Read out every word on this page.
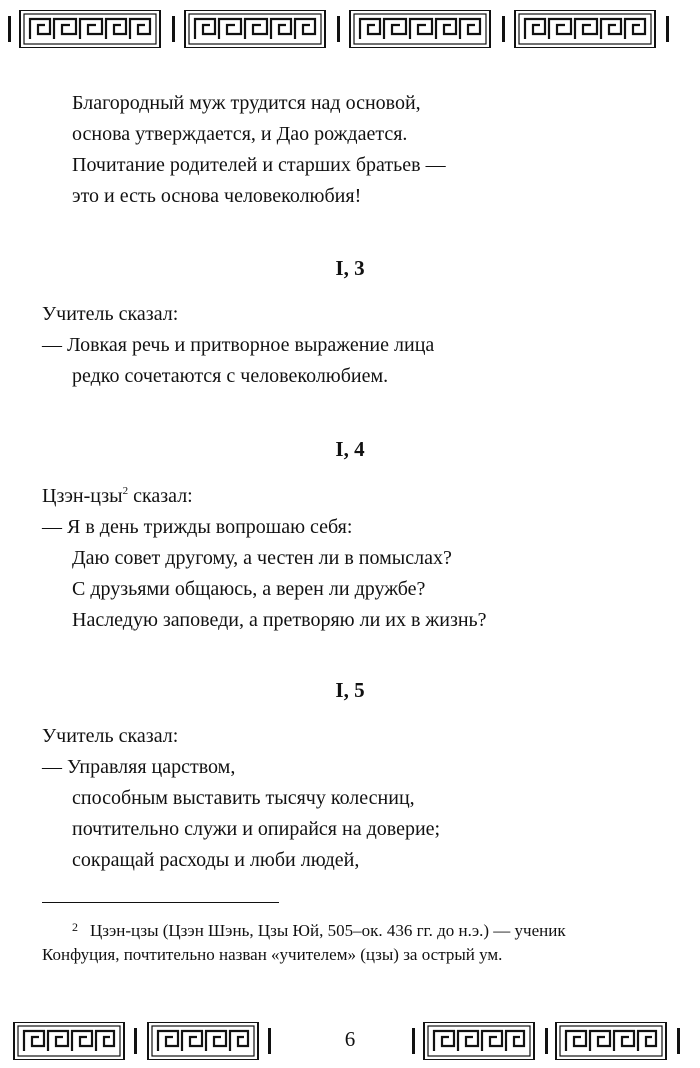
Благородный муж трудится над основой,
основа утверждается, и Дао рождается.
Почитание родителей и старших братьев —
это и есть основа человеколюбия!
I, 3
Учитель сказал:
— Ловкая речь и притворное выражение лица
редко сочетаются с человеколюбием.
I, 4
Цзэн-цзы$^2$ сказал:
— Я в день трижды вопрошаю себя:
Даю совет другому, а честен ли в помыслах?
С друзьями общаюсь, а верен ли дружбе?
Наследую заповеди, а претворяю ли их в жизнь?
I, 5
Учитель сказал:
— Управляя царством,
способным выставить тысячу колесниц,
почтительно служи и опирайся на доверие;
сокращай расходы и люби людей,
$^2$ Цзэн-цзы (Цзэн Шэнь, Цзы Юй, 505–ок. 436 гг. до н.э.) — ученик
Конфуция, почтительно назван «учителем» (цзы) за острый ум.
6
